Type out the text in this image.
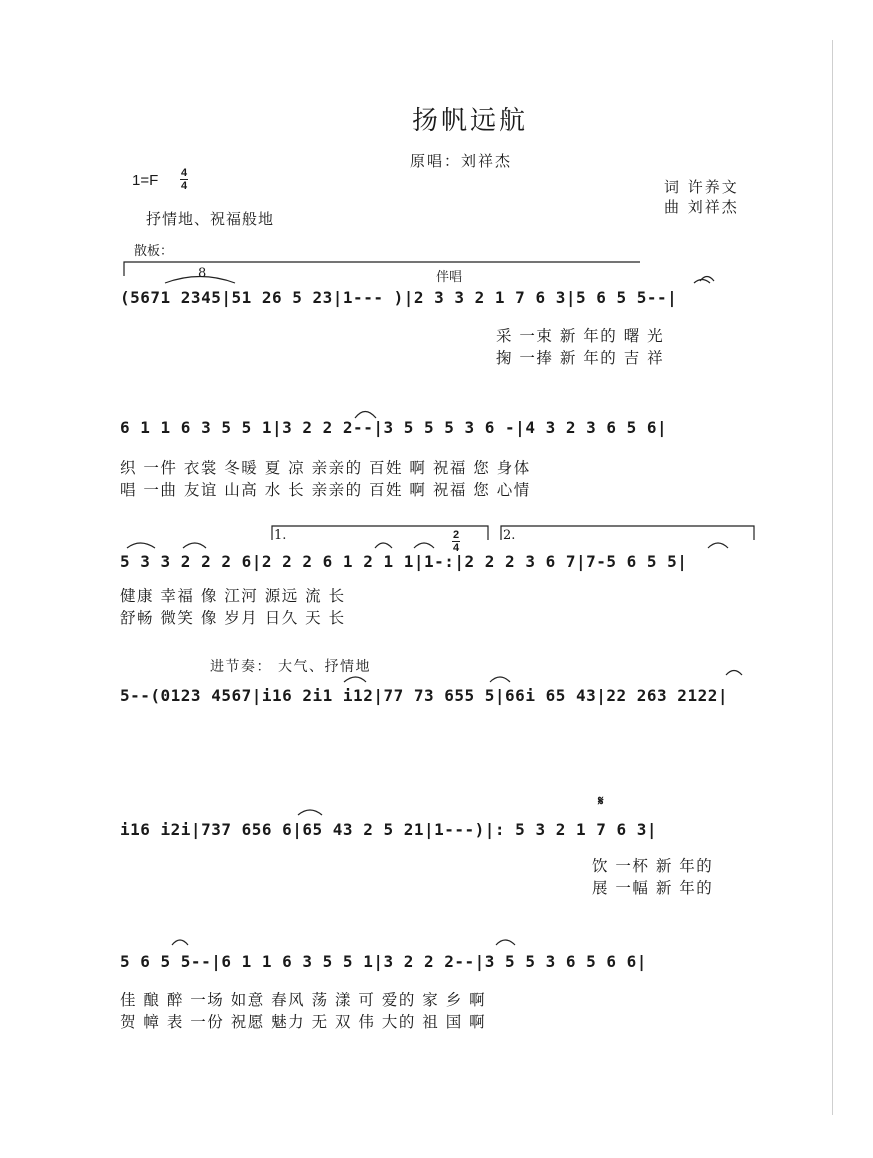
扬帆远航
原唱：刘祥杰
1=F 4
4	词 许养文
曲 刘祥杰
抒情地、祝福般地
散板：
8	伴唱
(5671 2345|51 26 5 23|1--- )|2 3 3 2 1 7 6 3|5 6 5 5--|
采 一束 新 年的 曙 光
掬 一捧 新 年的 吉 祥
6 1 1 6 3 5 5 1|3 2 2 2--|3 5 5 5 3 6 -|4 3 2 3 6 5 6|
织 一件 衣裳 冬暖 夏 凉 亲亲的 百姓 啊 祝福 您 身体
唱 一曲 友谊 山高 水 长 亲亲的 百姓 啊 祝福 您 心情
1.	2.
2
4
5 3 3 2 2 2 6|2 2 2 6 1 2 1 1|1-:|2 2 2 3 6 7|7-5 6 5 5|
健康 幸福 像 江河 源远 流 长
舒畅 微笑 像 岁月 日久 天 长
进节奏： 大气、抒情地
5--(0123 4567|i16 2i1 i12|77 73 655 5|66i 65 43|22 263 2122|
i16 i2i|737 656 6|65 43 2 5 21|1---)|: 5 3 2 1 7 6 3|
饮 一杯 新 年的
展 一幅 新 年的
𝄋
5 6 5 5--|6 1 1 6 3 5 5 1|3 2 2 2--|3 5 5 3 6 5 6 6|
佳 酿 醉 一场 如意 春风 荡 漾 可 爱的 家 乡 啊
贺 幛 表 一份 祝愿 魅力 无 双 伟 大的 祖 国 啊
